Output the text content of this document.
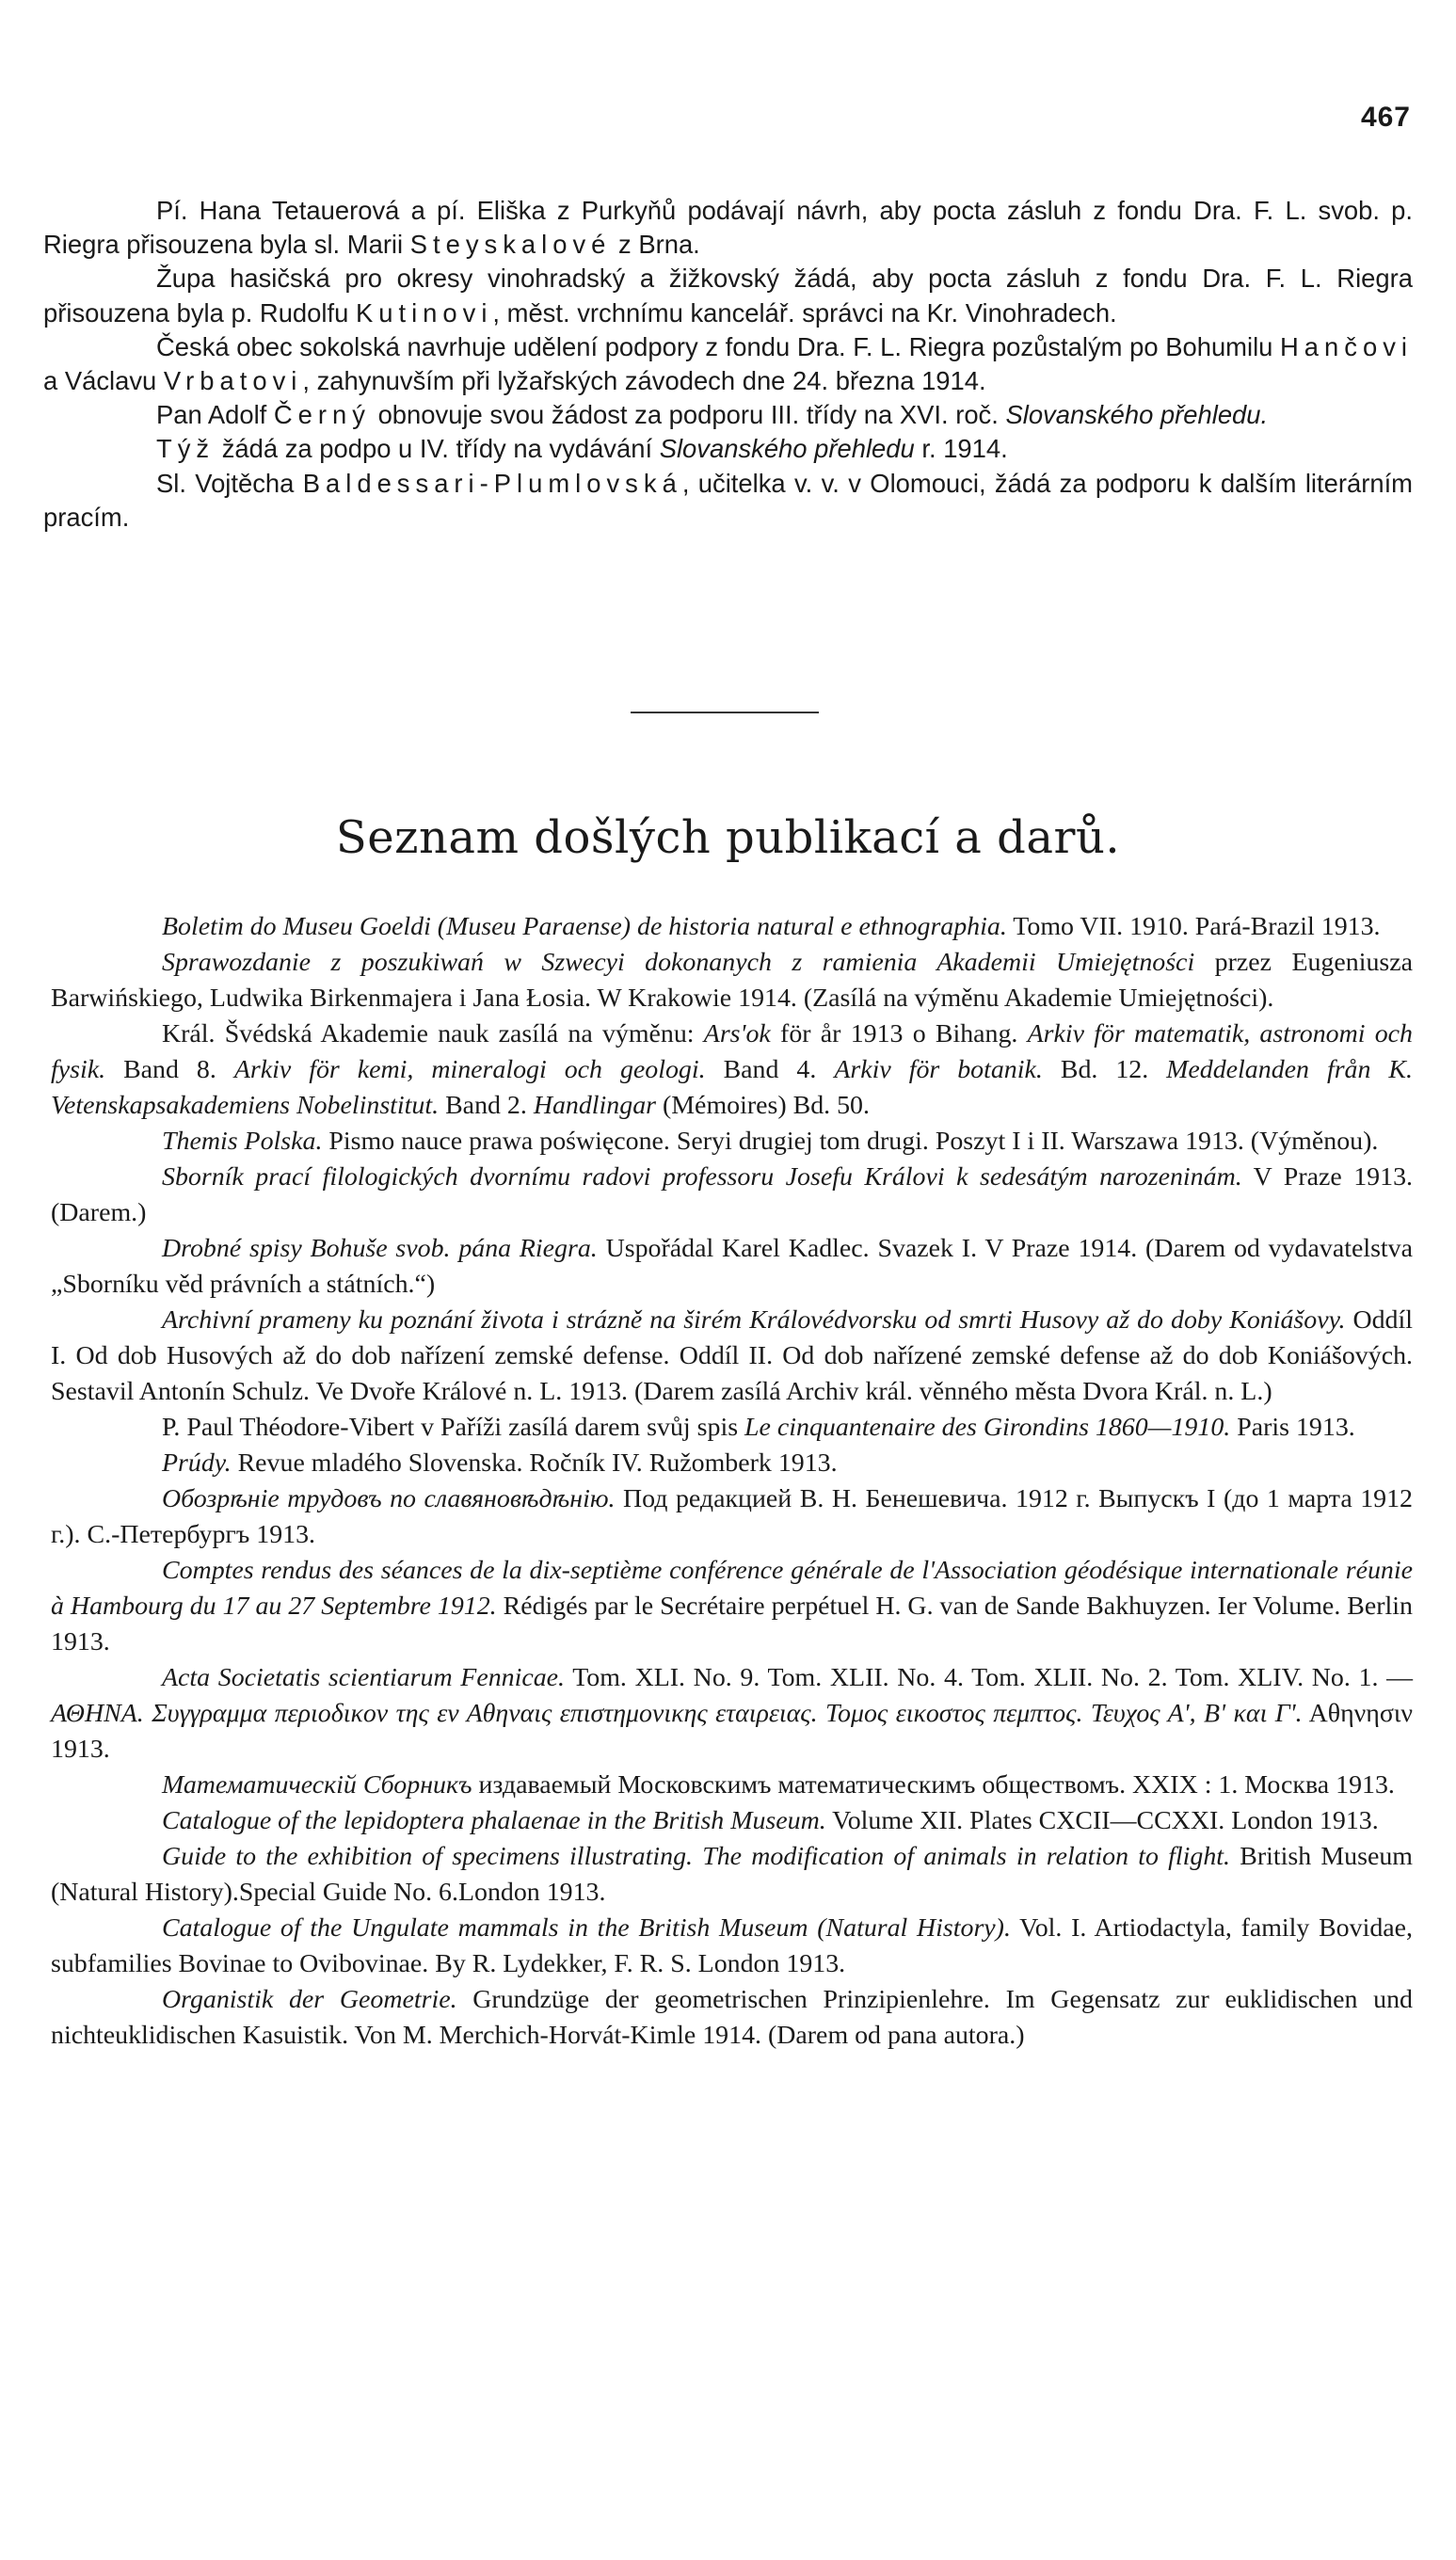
467

Pí. Hana Tetauerová a pí. Eliška z Purkyňů podávají návrh, aby pocta zásluh z fondu Dra. F. L. svob. p. Riegra přisouzena byla sl. Marii Steyskalové z Brna.

Župa hasičská pro okresy vinohradský a žižkovský žádá, aby pocta zásluh z fondu Dra. F. L. Riegra přisouzena byla p. Rudolfu Kutinovi, měst. vrchnímu kancelář. správci na Kr. Vinohradech.

Česká obec sokolská navrhuje udělení podpory z fondu Dra. F. L. Riegra pozůstalým po Bohumilu Hančovi a Václavu Vrbatovi, zahynuvším při lyžařských závodech dne 24. března 1914.

Pan Adolf Černý obnovuje svou žádost za podporu III. třídy na XVI. roč. Slovanského přehledu.

Týž žádá za podpo u IV. třídy na vydávání Slovanského přehledu r. 1914.

Sl. Vojtěcha Baldessari-Plumlovská, učitelka v. v. v Olomouci, žádá za podporu k dalším literárním pracím.

Seznam došlých publikací a darů.

Boletim do Museu Goeldi (Museu Paraense) de historia natural e ethnographia. Tomo VII. 1910. Pará-Brazil 1913.

Sprawozdanie z poszukiwań w Szwecyi dokonanych z ramienia Akademii Umiejętności przez Eugeniusza Barwińskiego, Ludwika Birkenmajera i Jana Łosia. W Krakowie 1914. (Zasílá na výměnu Akademie Umiejętności).

Král. Švédská Akademie nauk zasílá na výměnu: Ars'ok för år 1913 o Bihang. Arkiv för matematik, astronomi och fysik. Band 8. Arkiv för kemi, mineralogi och geologi. Band 4. Arkiv för botanik. Bd. 12. Meddelanden från K. Vetenskapsakademiens Nobelinstitut. Band 2. Handlingar (Mémoires) Bd. 50.

Themis Polska. Pismo nauce prawa poświęcone. Seryi drugiej tom drugi. Poszyt I i II. Warszawa 1913. (Výměnou).

Sborník prací filologických dvornímu radovi professoru Josefu Královi k sedesátým narozeninám. V Praze 1913. (Darem.)

Drobné spisy Bohuše svob. pána Riegra. Uspořádal Karel Kadlec. Svazek I. V Praze 1914. (Darem od vydavatelstva „Sborníku věd právních a státních.“)

Archivní prameny ku poznání života i strázně na širém Královédvorsku od smrti Husovy až do doby Koniášovy. Oddíl I. Od dob Husových až do dob nařízení zemské defense. Oddíl II. Od dob nařízené zemské defense až do dob Koniášových. Sestavil Antonín Schulz. Ve Dvoře Králové n. L. 1913. (Darem zasílá Archiv král. věnného města Dvora Král. n. L.)

P. Paul Théodore-Vibert v Paříži zasílá darem svůj spis Le cinquantenaire des Girondins 1860—1910. Paris 1913.

Prúdy. Revue mladého Slovenska. Ročník IV. Ružomberk 1913.

Обозрѣніе трудовъ по славяновѣдѣнію. Под редакцией В. Н. Бенешевича. 1912 г. Выпускъ I (до 1 марта 1912 г.). С.-Петербургъ 1913.

Comptes rendus des séances de la dix-septième conférence générale de l'Association géodésique internationale réunie à Hambourg du 17 au 27 Septembre 1912. Rédigés par le Secrétaire perpétuel H. G. van de Sande Bakhuyzen. Ier Volume. Berlin 1913.

Acta Societatis scientiarum Fennicae. Tom. XLI. No. 9. Tom. XLII. No. 4. Tom. XLII. No. 2. Tom. XLIV. No. 1. — ΑΘΗΝΑ. Συγγραμμα περιοδικον της εν Αθηναις επιστημονικης εταιρειας. Τομος εικοστος πεμπτος. Τευχος Α', Β' και Γ'. Αθηνησιν 1913.

Математическій Сборникъ издаваемый Московскимъ математическимъ обществомъ. XXIX : 1. Москва 1913.

Catalogue of the lepidoptera phalaenae in the British Museum. Volume XII. Plates CXCII—CCXXI. London 1913.

Guide to the exhibition of specimens illustrating. The modification of animals in relation to flight. British Museum (Natural History).Special Guide No. 6.London 1913.

Catalogue of the Ungulate mammals in the British Museum (Natural History). Vol. I. Artiodactyla, family Bovidae, subfamilies Bovinae to Ovibovinae. By R. Lydekker, F. R. S. London 1913.

Organistik der Geometrie. Grundzüge der geometrischen Prinzipienlehre. Im Gegensatz zur euklidischen und nichteuklidischen Kasuistik. Von M. Merchich-Horvát-Kimle 1914. (Darem od pana autora.)
